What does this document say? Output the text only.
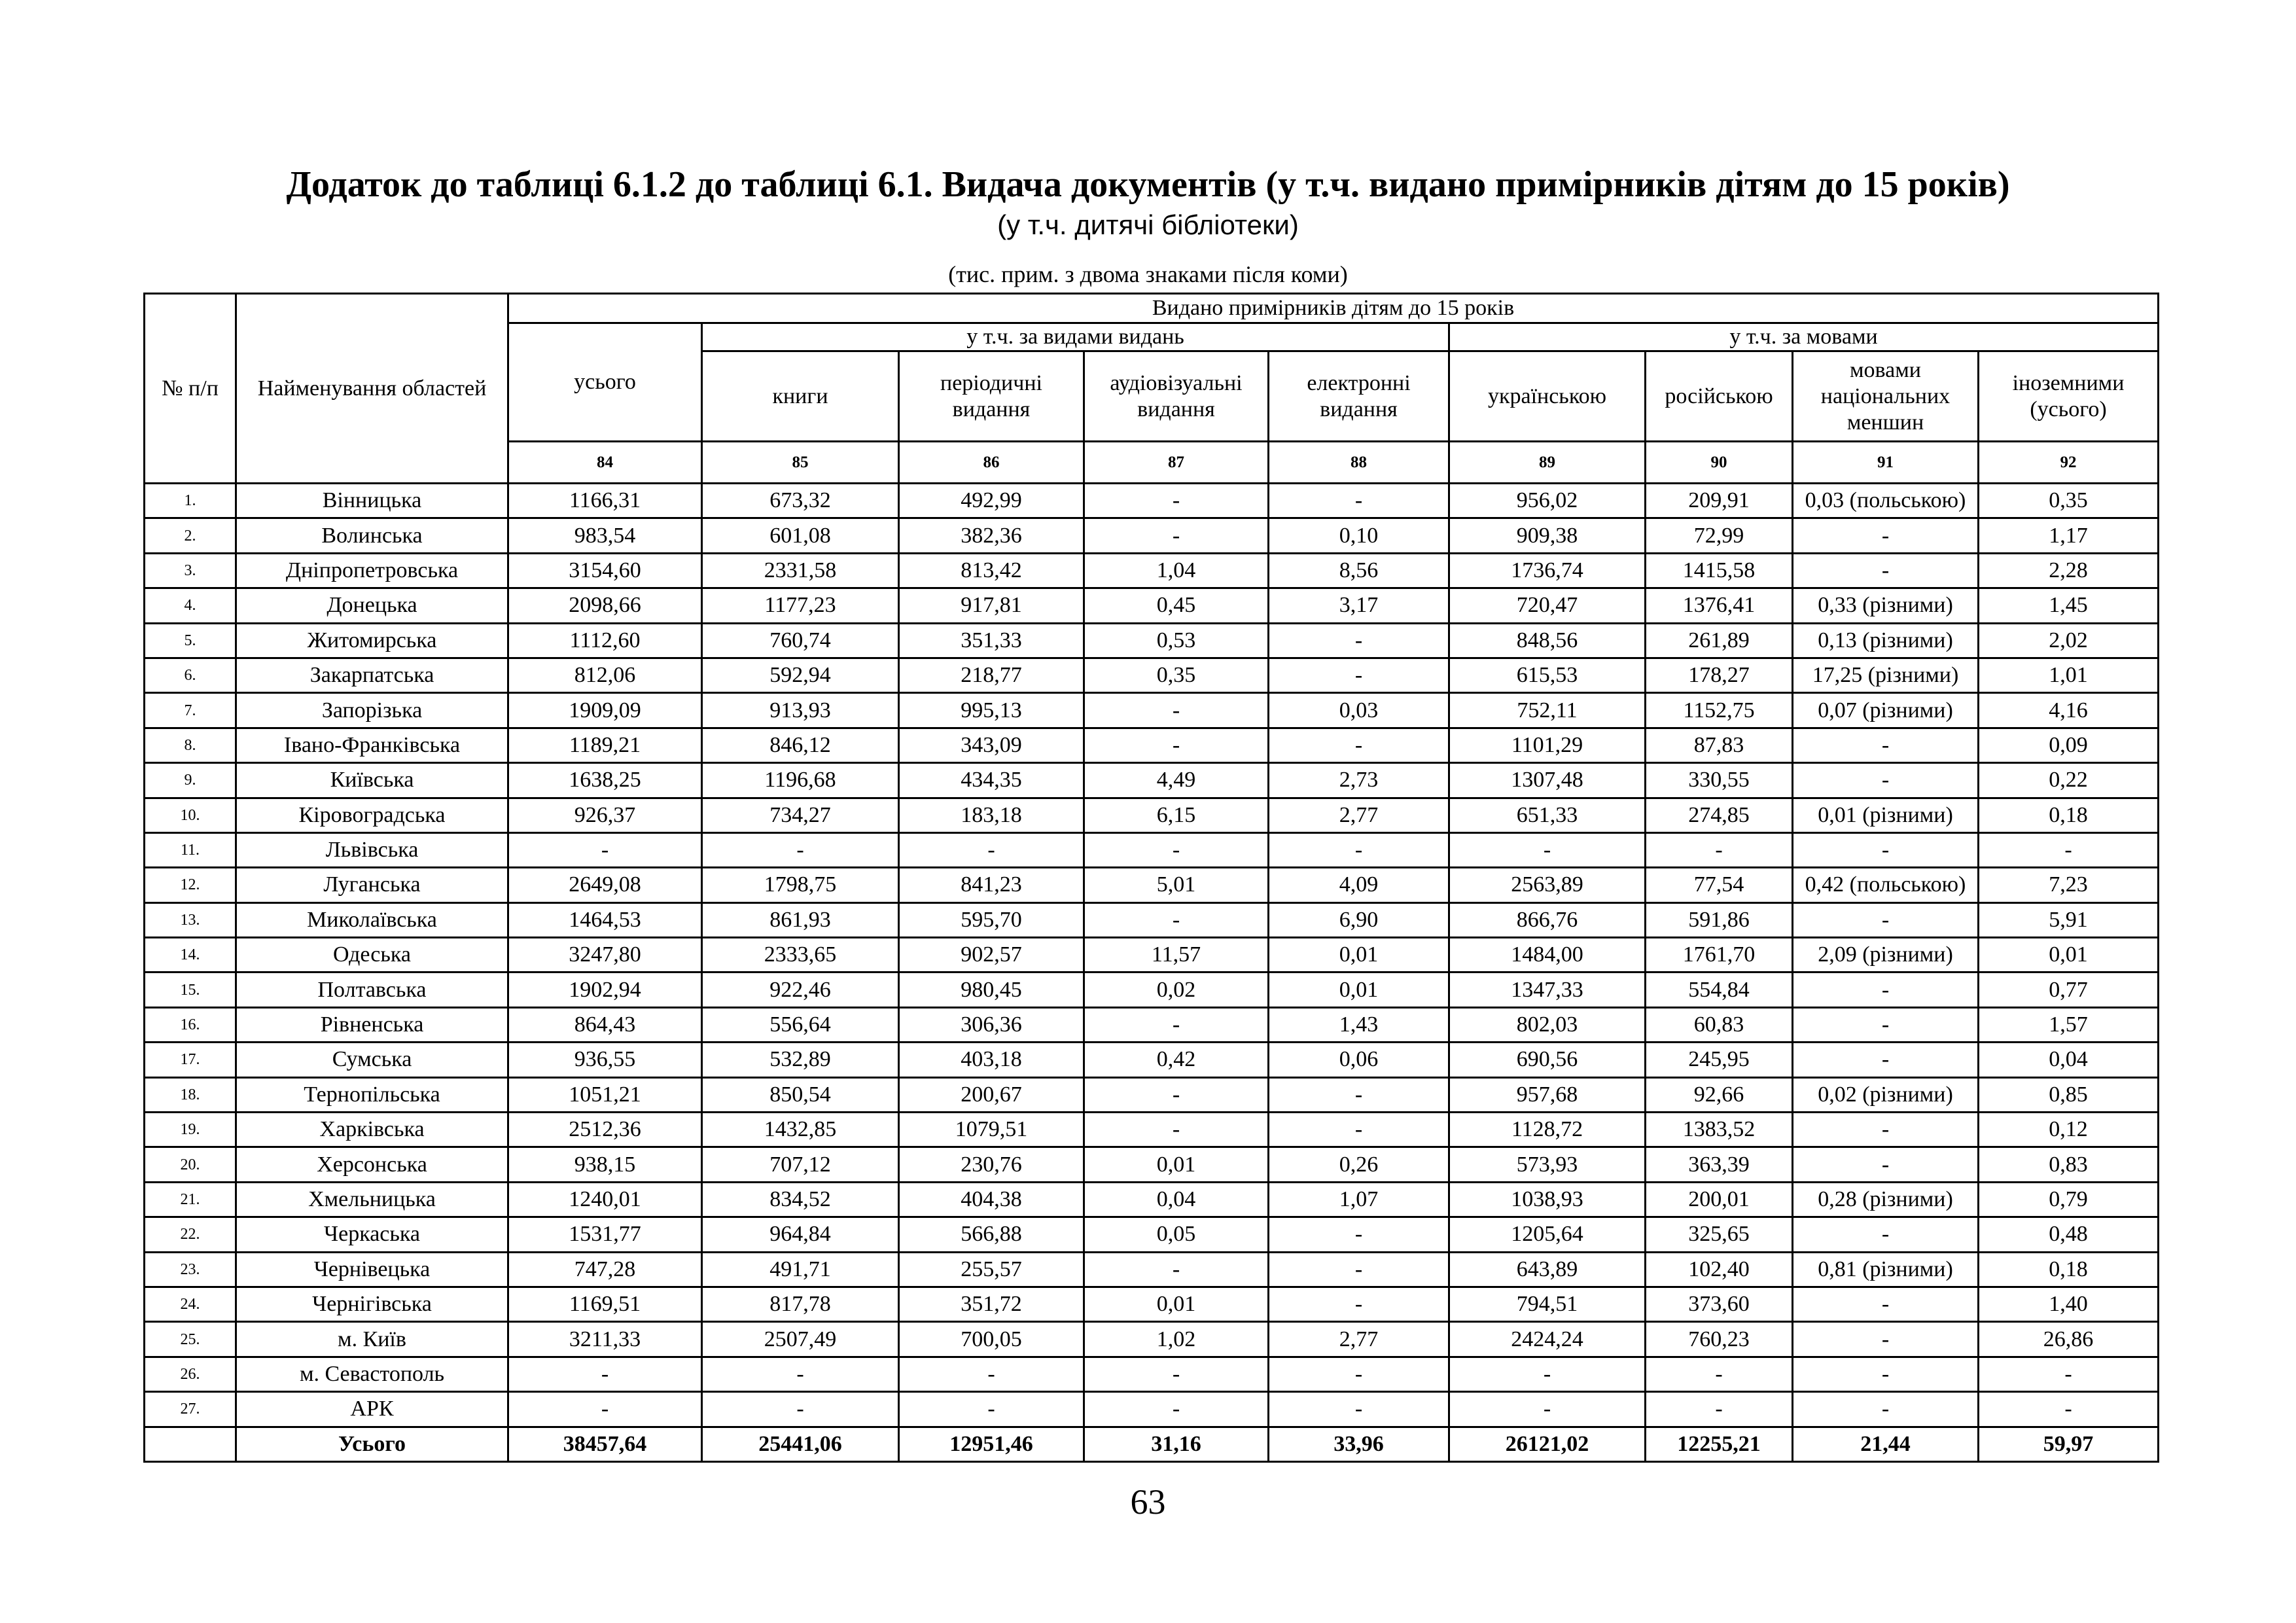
Додаток до таблиці 6.1.2 до таблиці 6.1. Видача документів (у т.ч. видано примірників дітям до 15 років)
(у т.ч. дитячі бібліотеки)
(тис. прим. з двома знаками після коми)
№ п/п	Найменування областей	Видано примірників дітям до 15 років								
		усього	у т.ч. за видами видань				у т.ч. за мовами			
			книги	періодичні видання	аудіовізуальні видання	електронні видання	українською	російською	мовами національних меншин	іноземними (усього)
		84	85	86	87	88	89	90	91	92
1.	Вінницька	1166,31	673,32	492,99	-	-	956,02	209,91	0,03 (польською)	0,35
2.	Волинська	983,54	601,08	382,36	-	0,10	909,38	72,99	-	1,17
3.	Дніпропетровська	3154,60	2331,58	813,42	1,04	8,56	1736,74	1415,58	-	2,28
4.	Донецька	2098,66	1177,23	917,81	0,45	3,17	720,47	1376,41	0,33 (різними)	1,45
5.	Житомирська	1112,60	760,74	351,33	0,53	-	848,56	261,89	0,13 (різними)	2,02
6.	Закарпатська	812,06	592,94	218,77	0,35	-	615,53	178,27	17,25 (різними)	1,01
7.	Запорізька	1909,09	913,93	995,13	-	0,03	752,11	1152,75	0,07 (різними)	4,16
8.	Івано-Франківська	1189,21	846,12	343,09	-	-	1101,29	87,83	-	0,09
9.	Київська	1638,25	1196,68	434,35	4,49	2,73	1307,48	330,55	-	0,22
10.	Кіровоградська	926,37	734,27	183,18	6,15	2,77	651,33	274,85	0,01 (різними)	0,18
11.	Львівська	-	-	-	-	-	-	-	-	-
12.	Луганська	2649,08	1798,75	841,23	5,01	4,09	2563,89	77,54	0,42 (польською)	7,23
13.	Миколаївська	1464,53	861,93	595,70	-	6,90	866,76	591,86	-	5,91
14.	Одеська	3247,80	2333,65	902,57	11,57	0,01	1484,00	1761,70	2,09 (різними)	0,01
15.	Полтавська	1902,94	922,46	980,45	0,02	0,01	1347,33	554,84	-	0,77
16.	Рівненська	864,43	556,64	306,36	-	1,43	802,03	60,83	-	1,57
17.	Сумська	936,55	532,89	403,18	0,42	0,06	690,56	245,95	-	0,04
18.	Тернопільська	1051,21	850,54	200,67	-	-	957,68	92,66	0,02 (різними)	0,85
19.	Харківська	2512,36	1432,85	1079,51	-	-	1128,72	1383,52	-	0,12
20.	Херсонська	938,15	707,12	230,76	0,01	0,26	573,93	363,39	-	0,83
21.	Хмельницька	1240,01	834,52	404,38	0,04	1,07	1038,93	200,01	0,28 (різними)	0,79
22.	Черкаська	1531,77	964,84	566,88	0,05	-	1205,64	325,65	-	0,48
23.	Чернівецька	747,28	491,71	255,57	-	-	643,89	102,40	0,81 (різними)	0,18
24.	Чернігівська	1169,51	817,78	351,72	0,01	-	794,51	373,60	-	1,40
25.	м. Київ	3211,33	2507,49	700,05	1,02	2,77	2424,24	760,23	-	26,86
26.	м. Севастополь	-	-	-	-	-	-	-	-	-
27.	АРК	-	-	-	-	-	-	-	-	-
	Усього	38457,64	25441,06	12951,46	31,16	33,96	26121,02	12255,21	21,44	59,97
63
